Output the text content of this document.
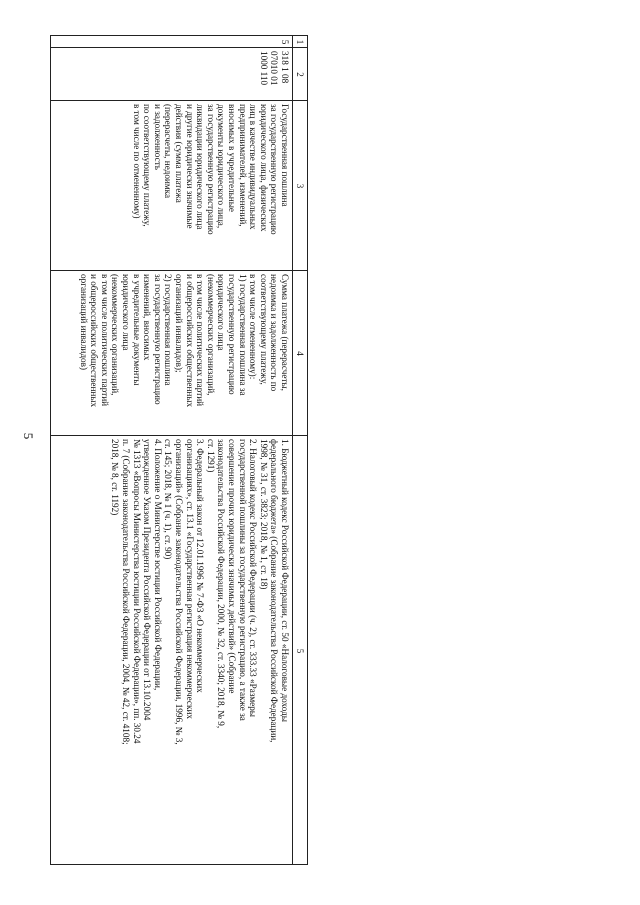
5
1
2
3
4
5
5
318 1 08
07010 01
1000 110
Государственная пошлина
за государственную регистрацию
юридического лица, физических
лиц в качестве индивидуальных
предпринимателей, изменений,
вносимых в учредительные
документы юридического лица,
за государственную регистрацию
ликвидации юридического лица
и другие юридически значимые
действия (сумма платежа
(перерасчеты, недоимка
и задолженность
по соответствующему платежу,
в том числе по отмененному)
Сумма платежа (перерасчеты,
недоимка и задолженность по
соответствующему платежу,
в том числе отмененному):
1) государственная пошлина за
государственную регистрацию
юридического лица
(некоммерческих организаций,
в том числе политических партий
и общероссийских общественных
организаций инвалидов);
2) государственная пошлина
за государственную регистрацию
изменений, вносимых
в учредительные документы
юридического лица
(некоммерческих организаций,
в том числе политических партий
и общероссийских общественных
организаций инвалидов)
1. Бюджетный кодекс Российской Федерации, ст. 50 «Налоговые доходы
федерального бюджета» (Собрание законодательства Российской Федерации,
1998, № 31, ст. 3823; 2018, № 1, ст. 18)
2. Налоговый кодекс Российской Федерации (ч. 2), ст. 333.33 «Размеры
государственной пошлины за государственную регистрацию, а также за
совершение прочих юридически значимых действий» (Собрание
законодательства Российской Федерации, 2000, № 32, ст. 3340; 2018, № 9,
ст. 1291)
3. Федеральный закон от 12.01.1996 № 7-ФЗ «О некоммерческих
организациях», ст. 13.1 «Государственная регистрация некоммерческих
организаций» (Собрание законодательства Российской Федерации, 1996, № 3,
ст. 145; 2018, № 1 (ч. 1), ст. 90)
4. Положение о Министерстве юстиции Российской Федерации,
утвержденное Указом Президента Российской Федерации от 13.10.2004
№ 1313 «Вопросы Министерства юстиции Российской Федерации», пп. 30.24
п. 7 (Собрание законодательства Российской Федерации, 2004, № 42, ст. 4108;
2018, № 8, ст. 1192)
